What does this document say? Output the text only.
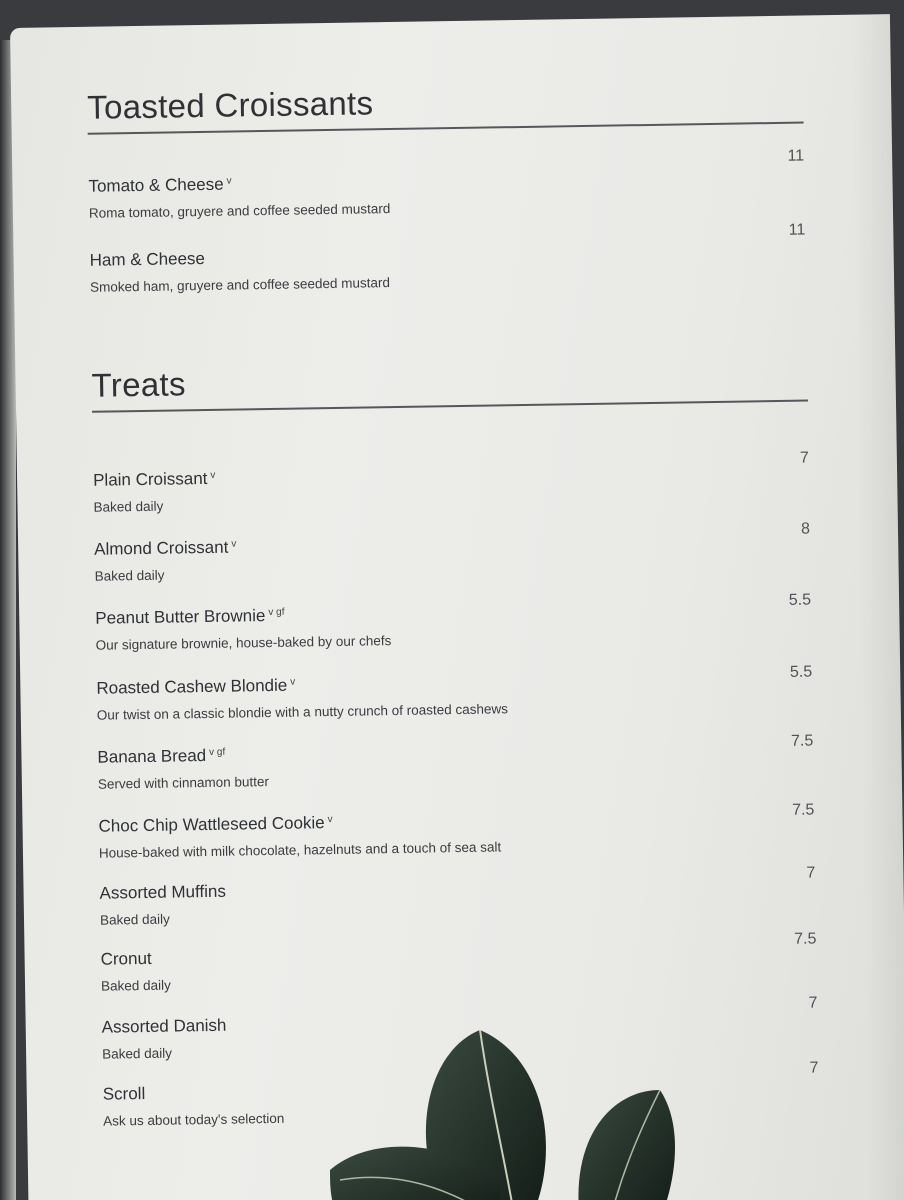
Toasted Croissants
11
Tomato & Cheese $^v$
Roma tomato, gruyere and coffee seeded mustard
11
Ham & Cheese
Smoked ham, gruyere and coffee seeded mustard
Treats
7
Plain Croissant $^v$
Baked daily
8
Almond Croissant $^v$
Baked daily
5.5
Peanut Butter Brownie $^{v gf}$
Our signature brownie, house-baked by our chefs
5.5
Roasted Cashew Blondie $^v$
Our twist on a classic blondie with a nutty crunch of roasted cashews
7.5
Banana Bread $^{v gf}$
Served with cinnamon butter
7.5
Choc Chip Wattleseed Cookie $^v$
House-baked with milk chocolate, hazelnuts and a touch of sea salt
7
Assorted Muffins
Baked daily
7.5
Cronut
Baked daily
7
Assorted Danish
Baked daily
7
Scroll
Ask us about today's selection
